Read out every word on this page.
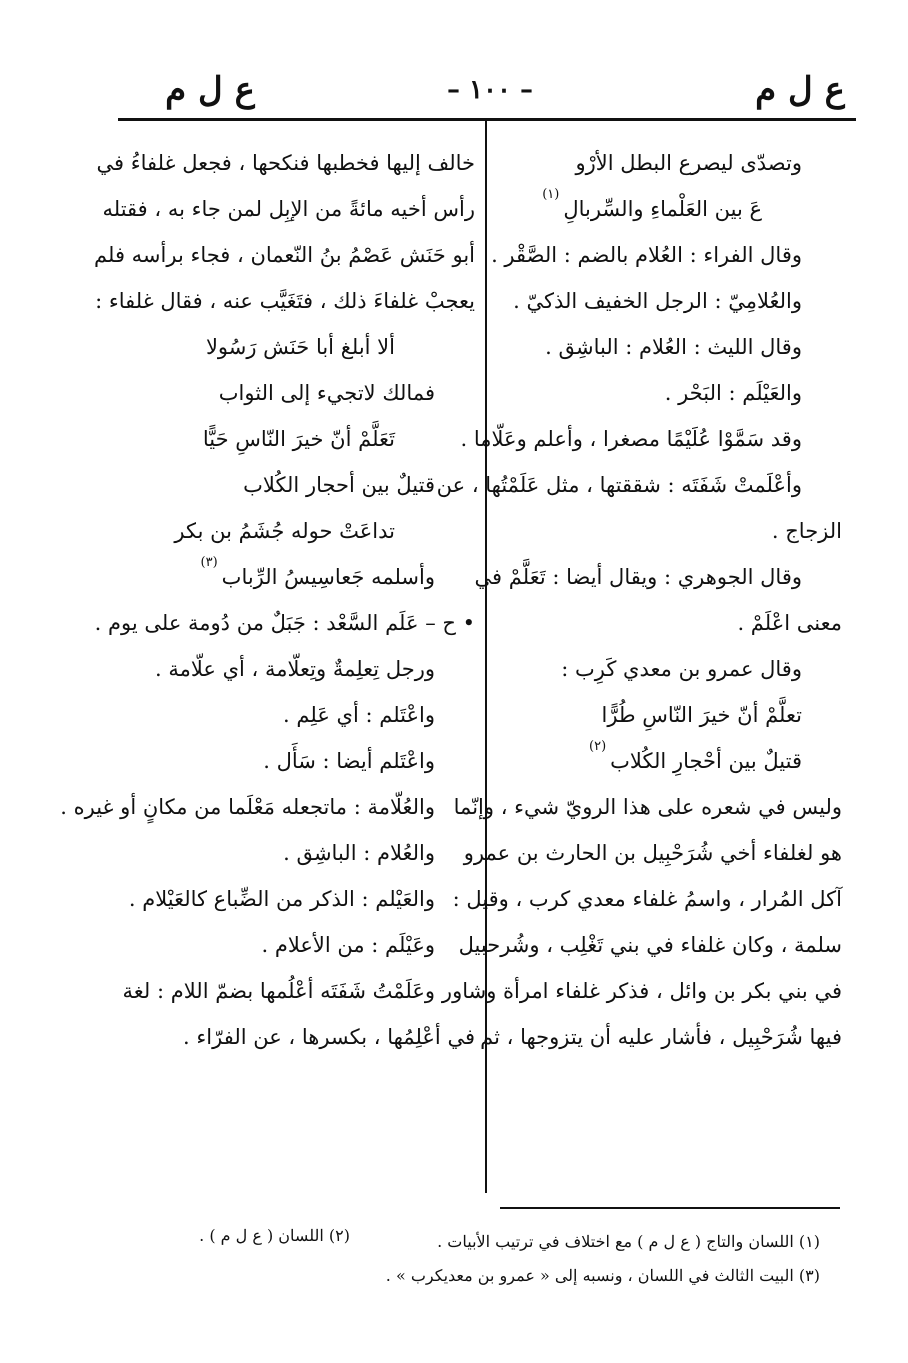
ع ل م	– ١٠٠ –	ع ل م
وتصدّى ليصرع البطل الأرْو
عَ بين العَلْماءِ والسِّربالِ$^{(١)}$
وقال الفراء : العُلام بالضم : الصَّقْر .
والعُلامِيّ : الرجل الخفيف الذكيّ .
وقال الليث : العُلام : الباشِق .
والعَيْلَم : البَحْر .
وقد سَمَّوْا عُلَيْمًا مصغرا ، وأعلم وعَلّاما .
وأعْلَمتْ شَفَتَه : شققتها ، مثل عَلَمْتُها ، عن
الزجاج .
وقال الجوهري : ويقال أيضا : تَعَلَّمْ في
معنى اعْلَمْ .
وقال عمرو بن معدي كَرِب :
تعلَّمْ أنّ خيرَ النّاسِ طُرًّا
قتيلٌ بين أحْجارِ الكُلاب$^{(٢)}$
وليس في شعره على هذا الرويّ شيء ، وإنّما
هو لغلفاء أخي شُرَحْبِيل بن الحارث بن عمرو
آكل المُرار ، واسمُ غلفاء معدي كرب ، وقيل :
سلمة ، وكان غلفاء في بني تَغْلِب ، وشُرحبيل
في بني بكر بن وائل ، فذكر غلفاء امرأة وشاور
فيها شُرَحْبِيل ، فأشار عليه أن يتزوجها ، ثم
خالف إليها فخطبها فنكحها ، فجعل غلفاءُ في
رأس أخيه مائةً من الإبِل لمن جاء به ، فقتله
أبو حَنَش عَصْمُ بنُ النّعمان ، فجاء برأسه فلم
يعجبْ غلفاءَ ذلك ، فتَغَيَّب عنه ، فقال غلفاء :
ألا أبلغ أبا حَنَش رَسُولا
فمالك لاتجيء إلى الثواب
تَعَلَّمْ أنّ خيرَ النّاسِ حَيًّا
قتيلٌ بين أحجار الكُلاب
تداعَتْ حوله جُشَمُ بن بكر
وأسلمه جَعاسِيسُ الرِّباب$^{(٣)}$
• ح – عَلَم السَّعْد : جَبَلٌ من دُومة على يوم .
ورجل تِعلِمةٌ وتِعلّامة ، أي علّامة .
واعْتَلم : أي عَلِم .
واعْتَلم أيضا : سَأَل .
والعُلّامة : ماتجعله مَعْلَما من مكانٍ أو غيره .
والعُلام : الباشِق .
والعَيْلم : الذكر من الضِّباع كالعَيْلام .
وعَيْلَم : من الأعلام .
وعَلَمْتُ شَفَتَه أعْلُمها بضمّ اللام : لغة
في أعْلِمُها ، بكسرها ، عن الفرّاء .
(١) اللسان والتاج ( ع ل م ) مع اختلاف في ترتيب الأبيات .
(٣) البيت الثالث في اللسان ، ونسبه إلى « عمرو بن معديكرب » .
(٢) اللسان ( ع ل م ) .
